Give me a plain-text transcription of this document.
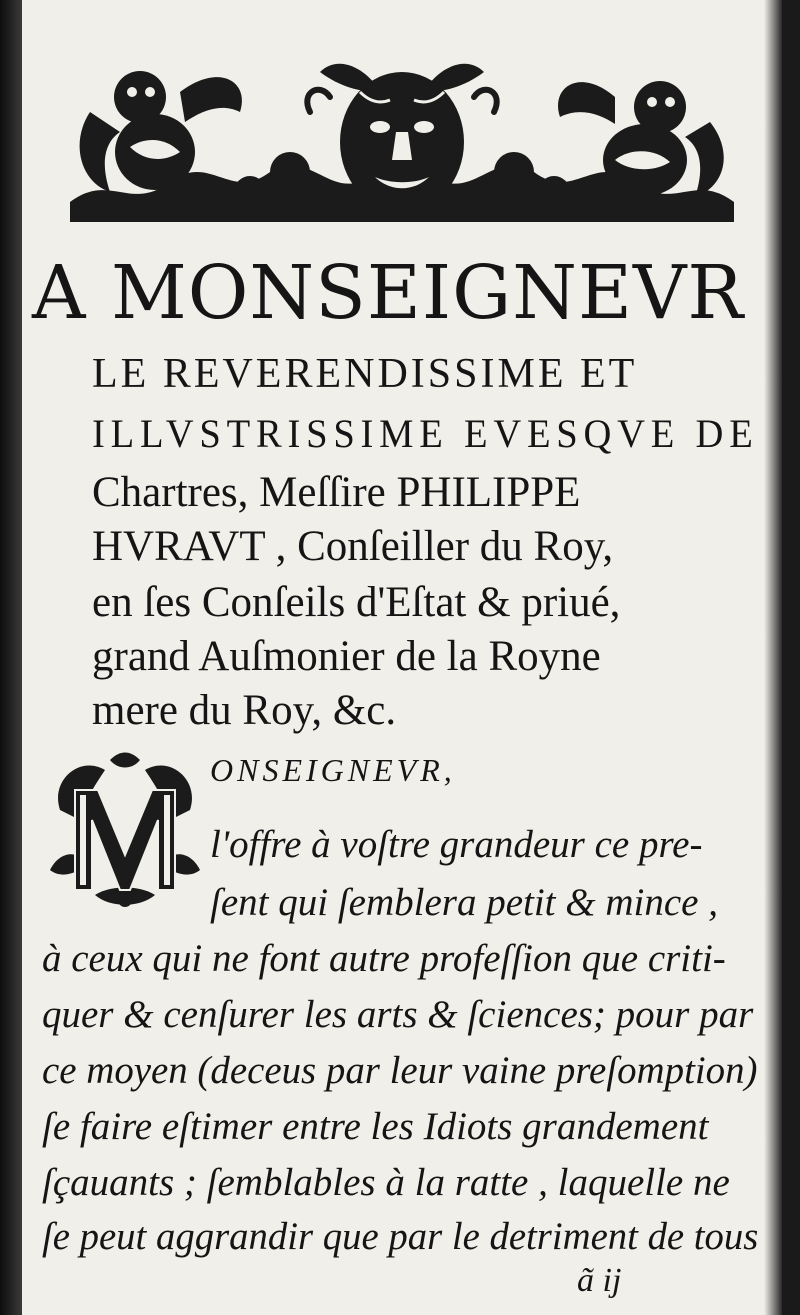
A MONSEIGNEVR
LE REVERENDISSIME ET
ILLVSTRISSIME EVESQVE DE
Chartres, Meſſire PHILIPPE
HVRAVT , Conſeiller du Roy,
en ſes Conſeils d'Eſtat & priué,
grand Auſmonier de la Royne
mere du Roy, &c.
ONSEIGNEVR,
l'offre à voſtre grandeur ce pre-
ſent qui ſemblera petit & mince ,
à ceux qui ne font autre profeſſion que criti-
quer & cenſurer les arts & ſciences; pour par
ce moyen (deceus par leur vaine preſomption)
ſe faire eſtimer entre les Idiots grandement
ſçauants ; ſemblables à la ratte , laquelle ne
ſe peut aggrandir que par le detriment de tous
ã ij
